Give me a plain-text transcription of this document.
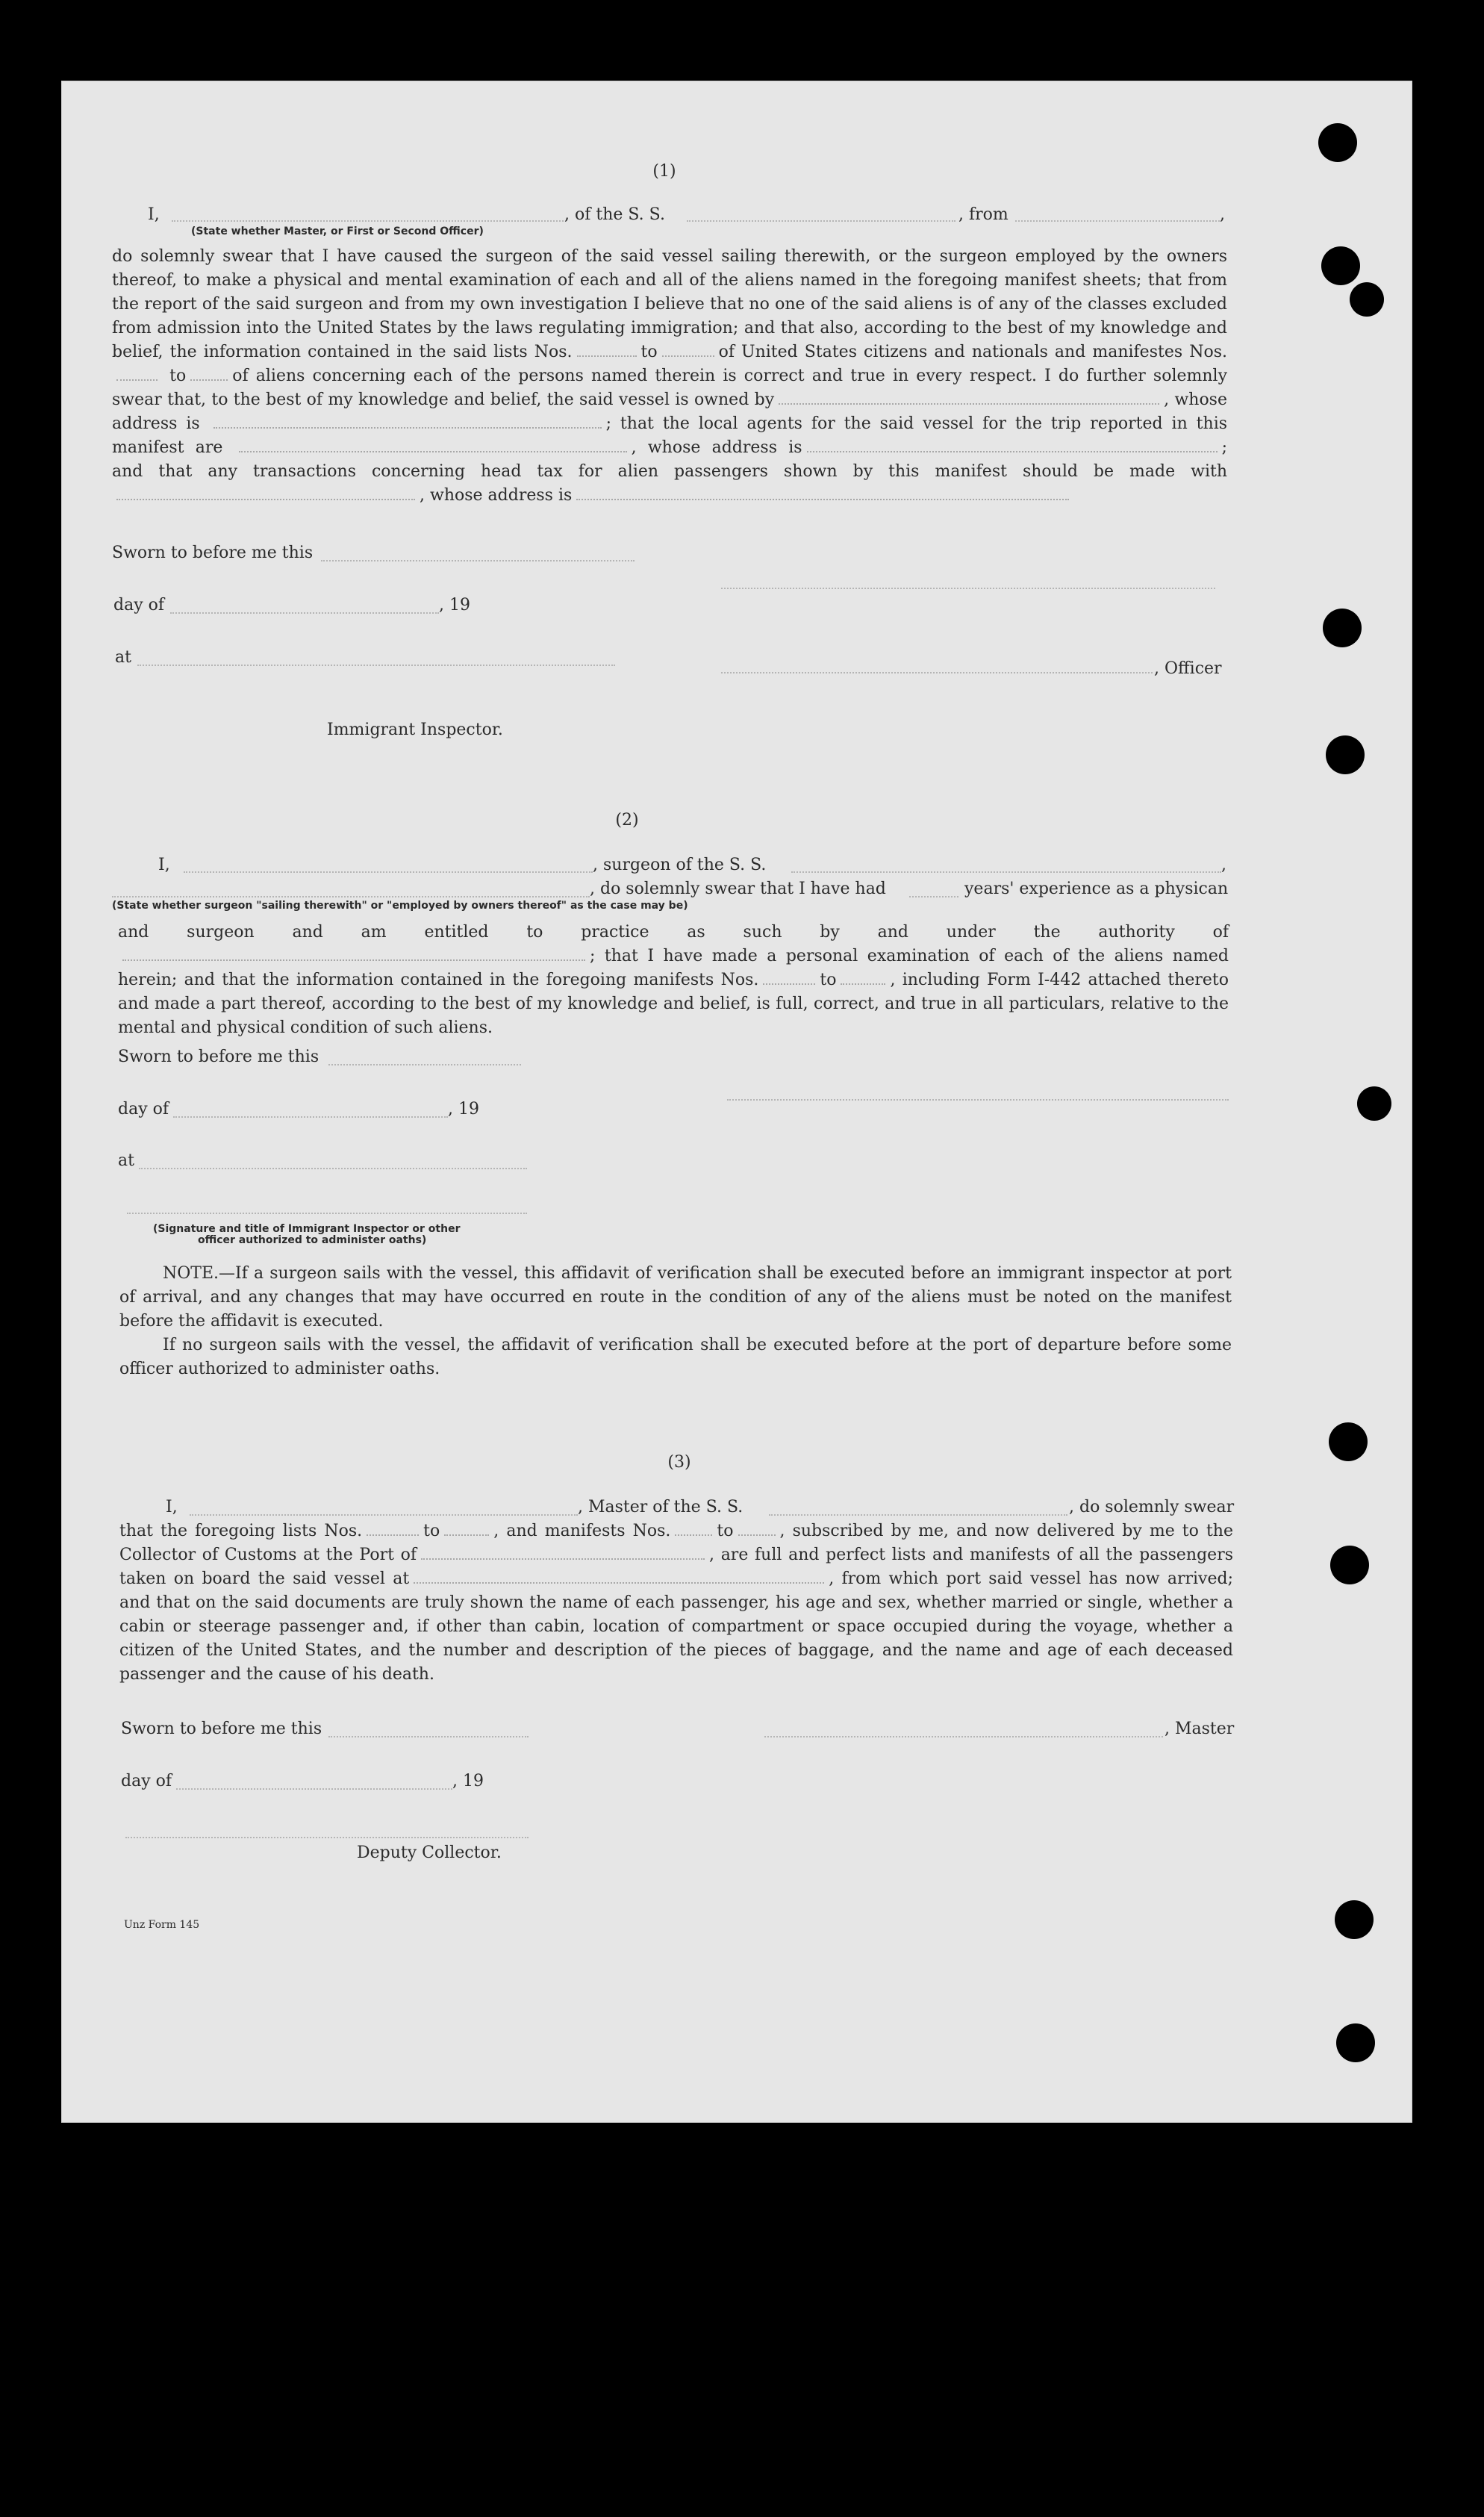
(1)
I,	, of the S. S.	, from	,
(State whether Master, or First or Second Officer)
do solemnly swear that I have caused the surgeon of the said vessel sailing therewith, or the surgeon employed by the owners thereof, to make a physical and mental examination of each and all of the aliens named in the foregoing manifest sheets; that from the report of the said surgeon and from my own investigation I believe that no one of the said aliens is of any of the classes excluded from admission into the United States by the laws regulating immigration; and that also, according to the best of my knowledge and belief, the information contained in the said lists Nos.	to	of United States citizens and nationals and manifestes Nos. to	of aliens concerning each of the persons named therein is correct and true in every respect. I do further solemnly swear that, to the best of my knowledge and belief, the said vessel is owned by	, whose address is	; that the local agents for the said vessel for the trip reported in this manifest are	, whose address is	; and that any transactions concerning head tax for alien passengers shown by this manifest should be made with, whose address is
Sworn to before me this
day of	, 19
at
, Officer
Immigrant Inspector.
(2)
I,	, surgeon of the S. S.	,
, do solemnly swear that I have had	years' experience as a physican
(State whether surgeon "sailing therewith" or "employed by owners thereof" as the case may be)
and surgeon and am entitled to practice as such by and under the authority of; that I have made a personal examination of each of the aliens named herein; and that the information contained in the foregoing manifests Nos.	to	, including Form I-442 attached thereto and made a part thereof, according to the best of my knowledge and belief, is full, correct, and true in all particulars, relative to the mental and physical condition of such aliens.
Sworn to before me this
day of	, 19
at
(Signature and title of Immigrant Inspector or other
officer authorized to administer oaths)
NOTE.—If a surgeon sails with the vessel, this affidavit of verification shall be executed before an immigrant inspector at port of arrival, and any changes that may have occurred en route in the condition of any of the aliens must be noted on the manifest before the affidavit is executed.
If no surgeon sails with the vessel, the affidavit of verification shall be executed before at the port of departure before some officer authorized to administer oaths.
(3)
I,	, Master of the S. S.	, do solemnly swear
that the foregoing lists Nos.	to	, and manifests Nos.	to	, subscribed by me, and now delivered by me to the Collector of Customs at the Port of	, are full and perfect lists and manifests of all the passengers taken on board the said vessel at	, from which port said vessel has now arrived; and that on the said documents are truly shown the name of each passenger, his age and sex, whether married or single, whether a cabin or steerage passenger and, if other than cabin, location of compartment or space occupied during the voyage, whether a citizen of the United States, and the number and description of the pieces of baggage, and the name and age of each deceased passenger and the cause of his death.
Sworn to before me this	, Master
day of	, 19
Deputy Collector.
Unz Form 145
